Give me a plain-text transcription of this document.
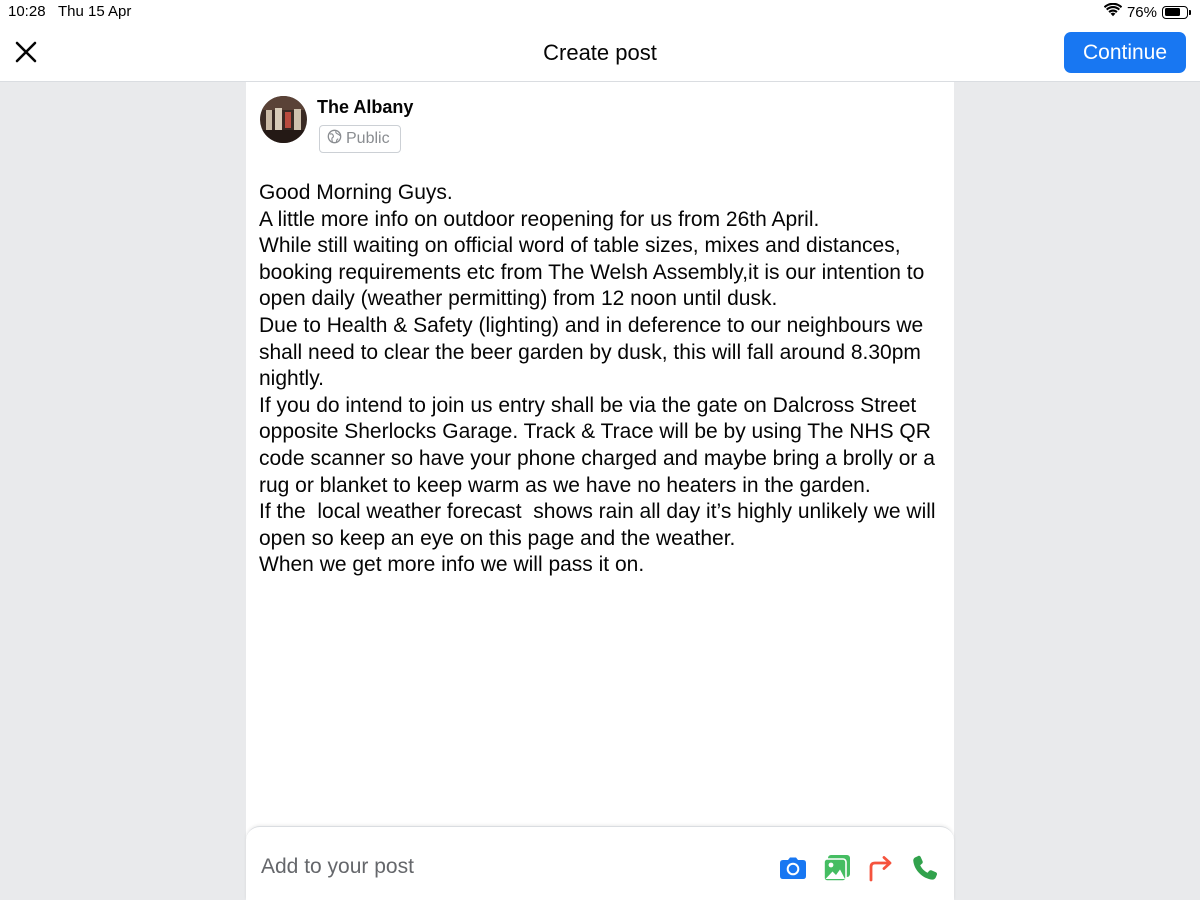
10:28 Thu 15 Apr	76%
Create post	Continue
The Albany
Public
Good Morning Guys.
A little more info on outdoor reopening for us from 26th April.
While still waiting on official word of table sizes, mixes and distances, booking requirements etc from The Welsh Assembly,it is our intention to open daily (weather permitting) from 12 noon until dusk.
Due to Health & Safety (lighting) and in deference to our neighbours we shall need to clear the beer garden by dusk, this will fall around 8.30pm nightly.
If you do intend to join us entry shall be via the gate on Dalcross Street opposite Sherlocks Garage. Track & Trace will be by using The NHS QR code scanner so have your phone charged and maybe bring a brolly or a rug or blanket to keep warm as we have no heaters in the garden.
If the  local weather forecast  shows rain all day it’s highly unlikely we will open so keep an eye on this page and the weather.
When we get more info we will pass it on.
Add to your post
